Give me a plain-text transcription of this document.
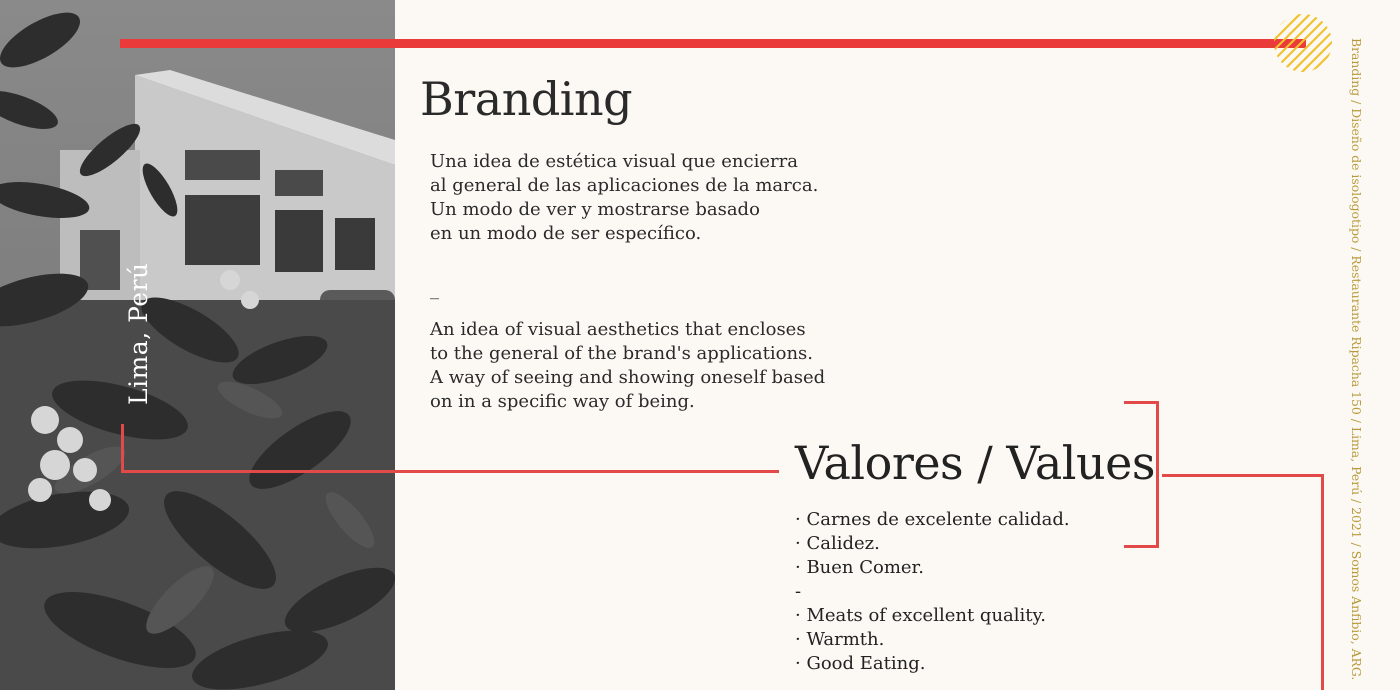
Lima, Perú
Branding
Una idea de estética visual que encierra
al general de las aplicaciones de la marca.
Un modo de ver y mostrarse basado
en un modo de ser específico.
_
An idea of visual aesthetics that encloses
to the general of the brand's applications.
A way of seeing and showing oneself based
on in a specific way of being.
Valores / Values
· Carnes de excelente calidad.
· Calidez.
· Buen Comer.
-
· Meats of excellent quality.
· Warmth.
· Good Eating.	Branding / Diseño de isologotipo / Restaurante Ripacha 150 / Lima, Perú / 2021 / Somos Anfibio, ARG.
